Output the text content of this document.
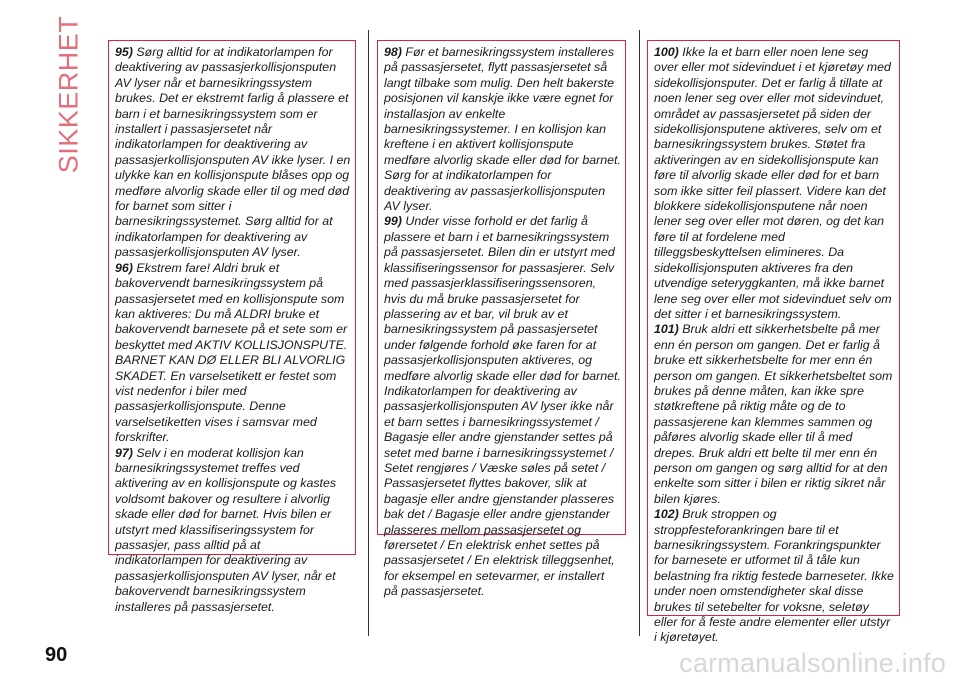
SIKKERHET	95) Sørg alltid for at indikatorlampen for deaktivering av passasjerkollisjonsputen AV lyser når et barnesikringssystem brukes. Det er ekstremt farlig å plassere et barn i et barnesikringssystem som er installert i passasjersetet når indikatorlampen for deaktivering av passasjerkollisjonsputen AV ikke lyser. I en ulykke kan en kollisjonspute blåses opp og medføre alvorlig skade eller til og med død for barnet som sitter i barnesikringssystemet. Sørg alltid for at indikatorlampen for deaktivering av passasjerkollisjonsputen AV lyser.

96) Ekstrem fare! Aldri bruk et bakovervendt barnesikringssystem på passasjersetet med en kollisjonspute som kan aktiveres: Du må ALDRI bruke et bakovervendt barnesete på et sete som er beskyttet med AKTIV KOLLISJONSPUTE. BARNET KAN DØ ELLER BLI ALVORLIG SKADET. En varselsetikett er festet som vist nedenfor i biler med passasjerkollisjonspute. Denne varselsetiketten vises i samsvar med forskrifter.

97) Selv i en moderat kollisjon kan barnesikringssystemet treffes ved aktivering av en kollisjonspute og kastes voldsomt bakover og resultere i alvorlig skade eller død for barnet. Hvis bilen er utstyrt med klassifiseringssystem for passasjer, pass alltid på at indikatorlampen for deaktivering av passasjerkollisjonsputen AV lyser, når et bakovervendt barnesikringssystem installeres på passasjersetet.

98) Før et barnesikringssystem installeres på passasjersetet, flytt passasjersetet så langt tilbake som mulig. Den helt bakerste posisjonen vil kanskje ikke være egnet for installasjon av enkelte barnesikringssystemer. I en kollisjon kan kreftene i en aktivert kollisjonspute medføre alvorlig skade eller død for barnet. Sørg for at indikatorlampen for deaktivering av passasjerkollisjonsputen AV lyser.

99) Under visse forhold er det farlig å plassere et barn i et barnesikringssystem på passasjersetet. Bilen din er utstyrt med klassifiseringssensor for passasjerer. Selv med passasjerklassifiseringssensoren, hvis du må bruke passasjersetet for plassering av et bar, vil bruk av et barnesikringssystem på passasjersetet under følgende forhold øke faren for at passasjerkollisjonsputen aktiveres, og medføre alvorlig skade eller død for barnet. Indikatorlampen for deaktivering av passasjerkollisjonsputen AV lyser ikke når et barn settes i barnesikringssystemet / Bagasje eller andre gjenstander settes på setet med barne i barnesikringssystemet / Setet rengjøres / Væske søles på setet / Passasjersetet flyttes bakover, slik at bagasje eller andre gjenstander plasseres bak det / Bagasje eller andre gjenstander plasseres mellom passasjersetet og førersetet / En elektrisk enhet settes på passasjersetet / En elektrisk tilleggsenhet, for eksempel en setevarmer, er installert på passasjersetet.

100) Ikke la et barn eller noen lene seg over eller mot sidevinduet i et kjøretøy med sidekollisjonsputer. Det er farlig å tillate at noen lener seg over eller mot sidevinduet, området av passasjersetet på siden der sidekollisjonsputene aktiveres, selv om et barnesikringssystem brukes. Støtet fra aktiveringen av en sidekollisjonspute kan føre til alvorlig skade eller død for et barn som ikke sitter feil plassert. Videre kan det blokkere sidekollisjonsputene når noen lener seg over eller mot døren, og det kan føre til at fordelene med tilleggsbeskyttelsen elimineres. Da sidekollisjonsputen aktiveres fra den utvendige seteryggkanten, må ikke barnet lene seg over eller mot sidevinduet selv om det sitter i et barnesikringssystem.

101) Bruk aldri ett sikkerhetsbelte på mer enn én person om gangen. Det er farlig å bruke ett sikkerhetsbelte for mer enn én person om gangen. Et sikkerhetsbeltet som brukes på denne måten, kan ikke spre støtkreftene på riktig måte og de to passasjerene kan klemmes sammen og påføres alvorlig skade eller til å med drepes. Bruk aldri ett belte til mer enn én person om gangen og sørg alltid for at den enkelte som sitter i bilen er riktig sikret når bilen kjøres.

102) Bruk stroppen og stroppfesteforankringen bare til et barnesikringssystem. Forankringspunkter for barnesete er utformet til å tåle kun belastning fra riktig festede barneseter. Ikke under noen omstendigheter skal disse brukes til setebelter for voksne, seletøy eller for å feste andre elementer eller utstyr i kjøretøyet.

90	carmanualsonline.info
